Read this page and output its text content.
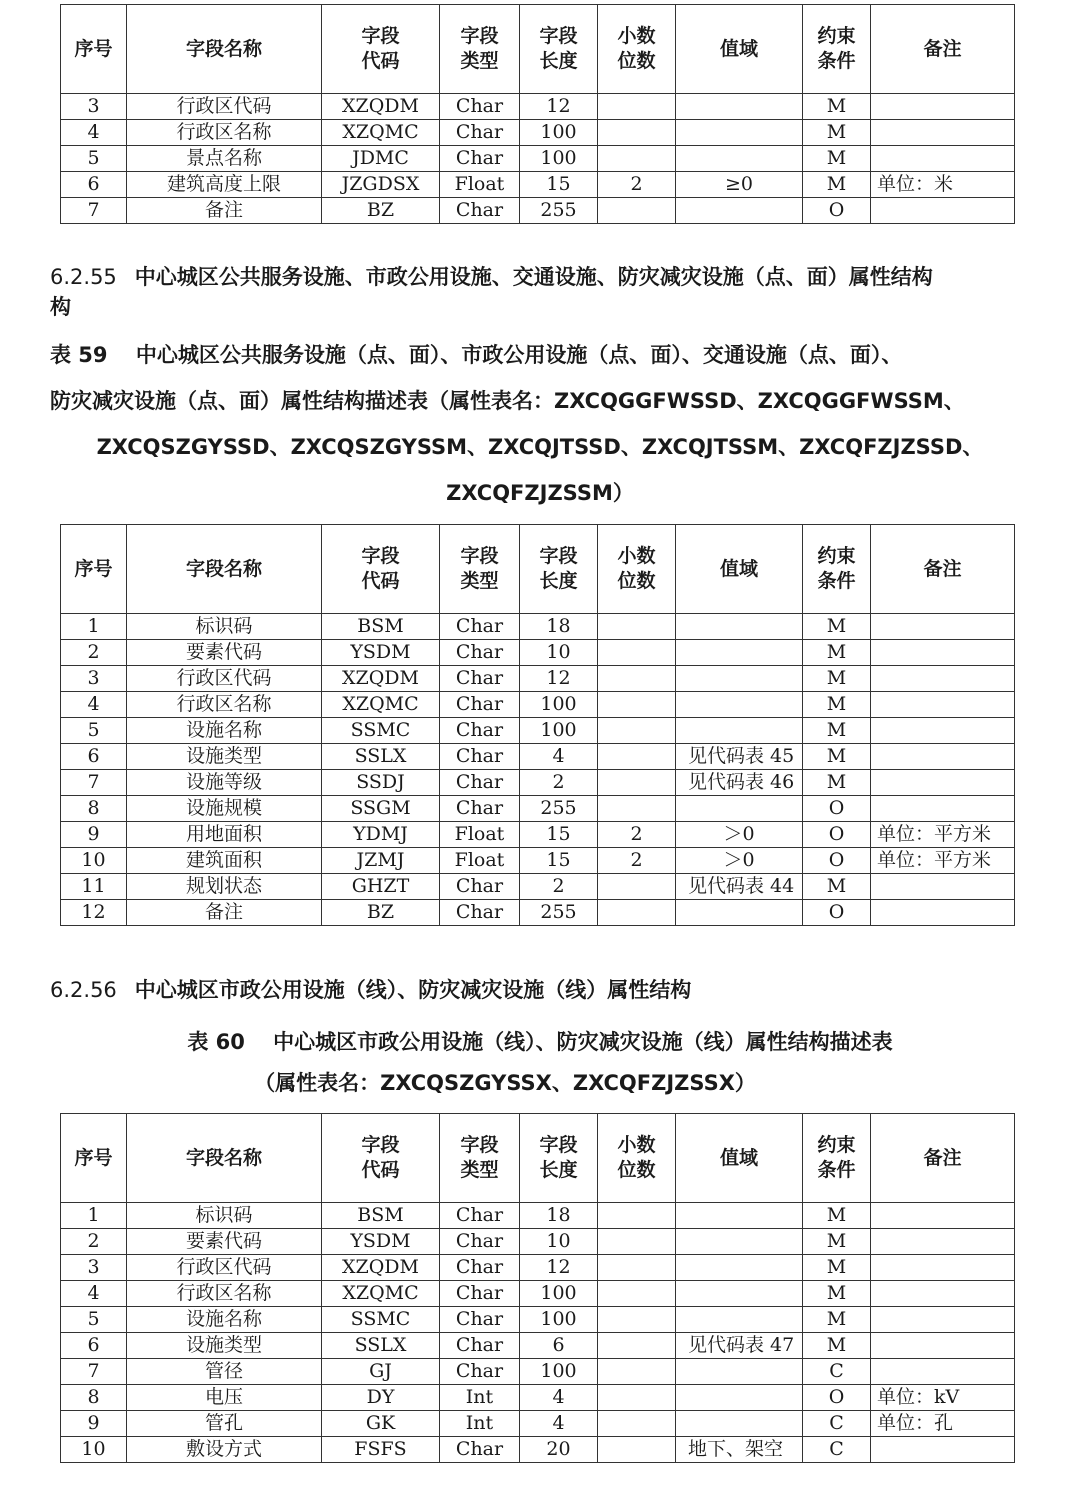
序号	字段名称	字段代码	字段类型	字段长度	小数位数	值域	约束条件	备注
3	行政区代码	XZQDM	Char	12			M	
4	行政区名称	XZQMC	Char	100			M	
5	景点名称	JDMC	Char	100			M	
6	建筑高度上限	JZGDSX	Float	15	2	≥0	M	单位：米
7	备注	BZ	Char	255			O	
6.2.55 中心城区公共服务设施、市政公用设施、交通设施、防灾减灾设施（点、面）属性结构
构
表 59　 中心城区公共服务设施（点、面）、市政公用设施（点、面）、交通设施（点、面）、
防灾减灾设施（点、面）属性结构描述表（属性表名：ZXCQGGFWSSD、ZXCQGGFWSSM、
ZXCQSZGYSSD、ZXCQSZGYSSM、ZXCQJTSSD、ZXCQJTSSM、ZXCQFZJZSSD、
ZXCQFZJZSSM）
序号	字段名称	字段代码	字段类型	字段长度	小数位数	值域	约束条件	备注
1	标识码	BSM	Char	18			M	
2	要素代码	YSDM	Char	10			M	
3	行政区代码	XZQDM	Char	12			M	
4	行政区名称	XZQMC	Char	100			M	
5	设施名称	SSMC	Char	100			M	
6	设施类型	SSLX	Char	4		见代码表 45	M	
7	设施等级	SSDJ	Char	2		见代码表 46	M	
8	设施规模	SSGM	Char	255			O	
9	用地面积	YDMJ	Float	15	2	＞0	O	单位：平方米
10	建筑面积	JZMJ	Float	15	2	＞0	O	单位：平方米
11	规划状态	GHZT	Char	2		见代码表 44	M	
12	备注	BZ	Char	255			O	
6.2.56 中心城区市政公用设施（线）、防灾减灾设施（线）属性结构
表 60　 中心城区市政公用设施（线）、防灾减灾设施（线）属性结构描述表
（属性表名：ZXCQSZGYSSX、ZXCQFZJZSSX）
序号	字段名称	字段代码	字段类型	字段长度	小数位数	值域	约束条件	备注
1	标识码	BSM	Char	18			M	
2	要素代码	YSDM	Char	10			M	
3	行政区代码	XZQDM	Char	12			M	
4	行政区名称	XZQMC	Char	100			M	
5	设施名称	SSMC	Char	100			M	
6	设施类型	SSLX	Char	6		见代码表 47	M	
7	管径	GJ	Char	100			C	
8	电压	DY	Int	4			O	单位：kV
9	管孔	GK	Int	4			C	单位：孔
10	敷设方式	FSFS	Char	20		地下、架空	C	
